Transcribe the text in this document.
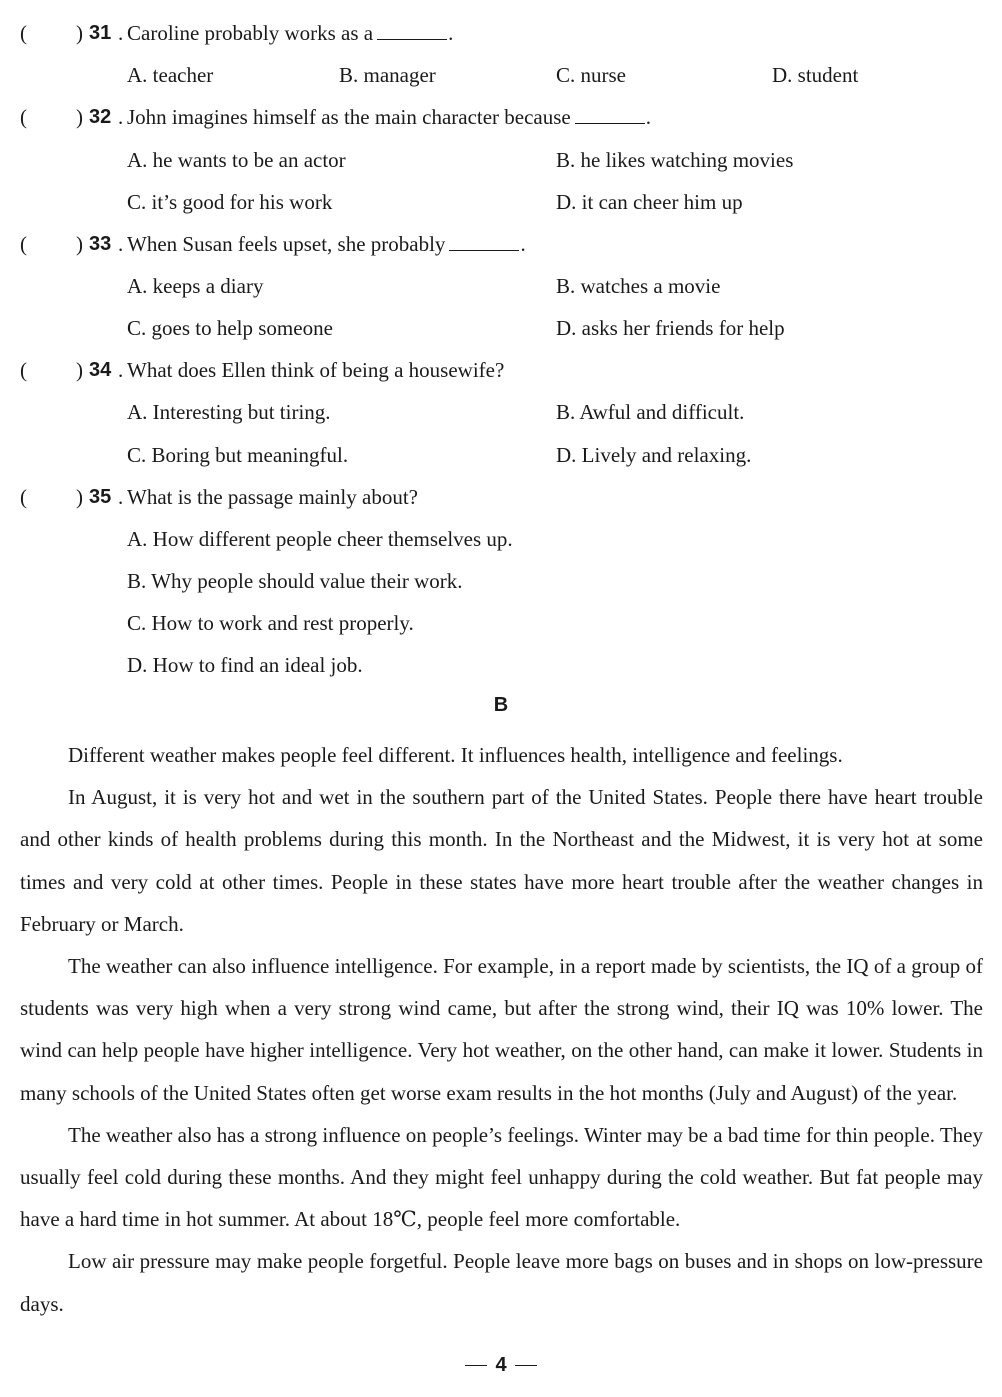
( ) 31 . Caroline probably works as a	.
A. teacher	B. manager	C. nurse	D. student
( ) 32 . John imagines himself as the main character because	.
A. he wants to be an actor	B. he likes watching movies
C. it’s good for his work	D. it can cheer him up
( ) 33 . When Susan feels upset, she probably	.
A. keeps a diary	B. watches a movie
C. goes to help someone	D. asks her friends for help
( ) 34 . What does Ellen think of being a housewife?
A. Interesting but tiring.	B. Awful and difficult.
C. Boring but meaningful.	D. Lively and relaxing.
( ) 35 . What is the passage mainly about?
A. How different people cheer themselves up.
B. Why people should value their work.
C. How to work and rest properly.
D. How to find an ideal job.
B

Different weather makes people feel different. It influences health, intelligence and feelings.

In August, it is very hot and wet in the southern part of the United States. People there have heart trouble and other kinds of health problems during this month. In the Northeast and the Midwest, it is very hot at some times and very cold at other times. People in these states have more heart trouble after the weather changes in February or March.

The weather can also influence intelligence. For example, in a report made by scientists, the IQ of a group of students was very high when a very strong wind came, but after the strong wind, their IQ was 10% lower. The wind can help people have higher intelligence. Very hot weather, on the other hand, can make it lower. Students in many schools of the United States often get worse exam results in the hot months (July and August) of the year.

The weather also has a strong influence on people’s feelings. Winter may be a bad time for thin people. They usually feel cold during these months. And they might feel unhappy during the cold weather. But fat people may have a hard time in hot summer. At about 18℃, people feel more comfortable.

Low air pressure may make people forgetful. People leave more bags on buses and in shops on low-pressure days.

4
